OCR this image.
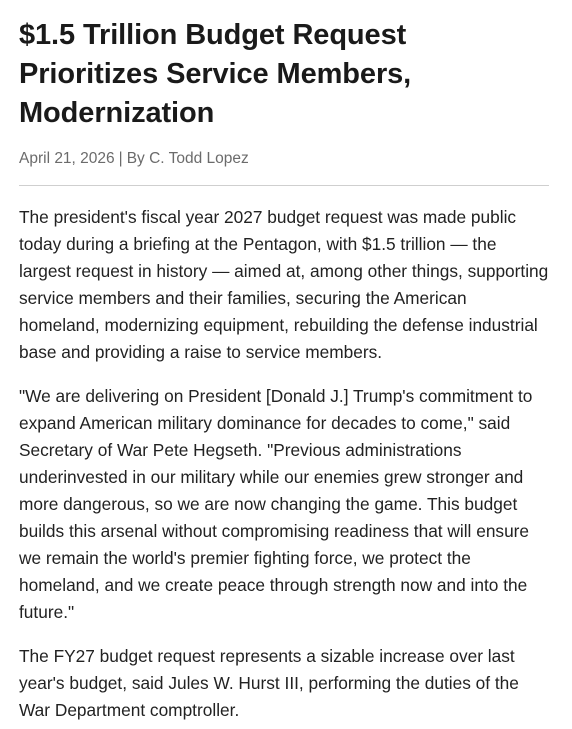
$1.5 Trillion Budget Request Prioritizes Service Members, Modernization
April 21, 2026 | By C. Todd Lopez

The president's fiscal year 2027 budget request was made public today during a briefing at the Pentagon, with $1.5 trillion — the largest request in history — aimed at, among other things, supporting service members and their families, securing the American homeland, modernizing equipment, rebuilding the defense industrial base and providing a raise to service members.

"We are delivering on President [Donald J.] Trump's commitment to expand American military dominance for decades to come," said Secretary of War Pete Hegseth. "Previous administrations underinvested in our military while our enemies grew stronger and more dangerous, so we are now changing the game. This budget builds this arsenal without compromising readiness that will ensure we remain the world's premier fighting force, we protect the homeland, and we create peace through strength now and into the future."

The FY27 budget request represents a sizable increase over last year's budget, said Jules W. Hurst III, performing the duties of the War Department comptroller.
